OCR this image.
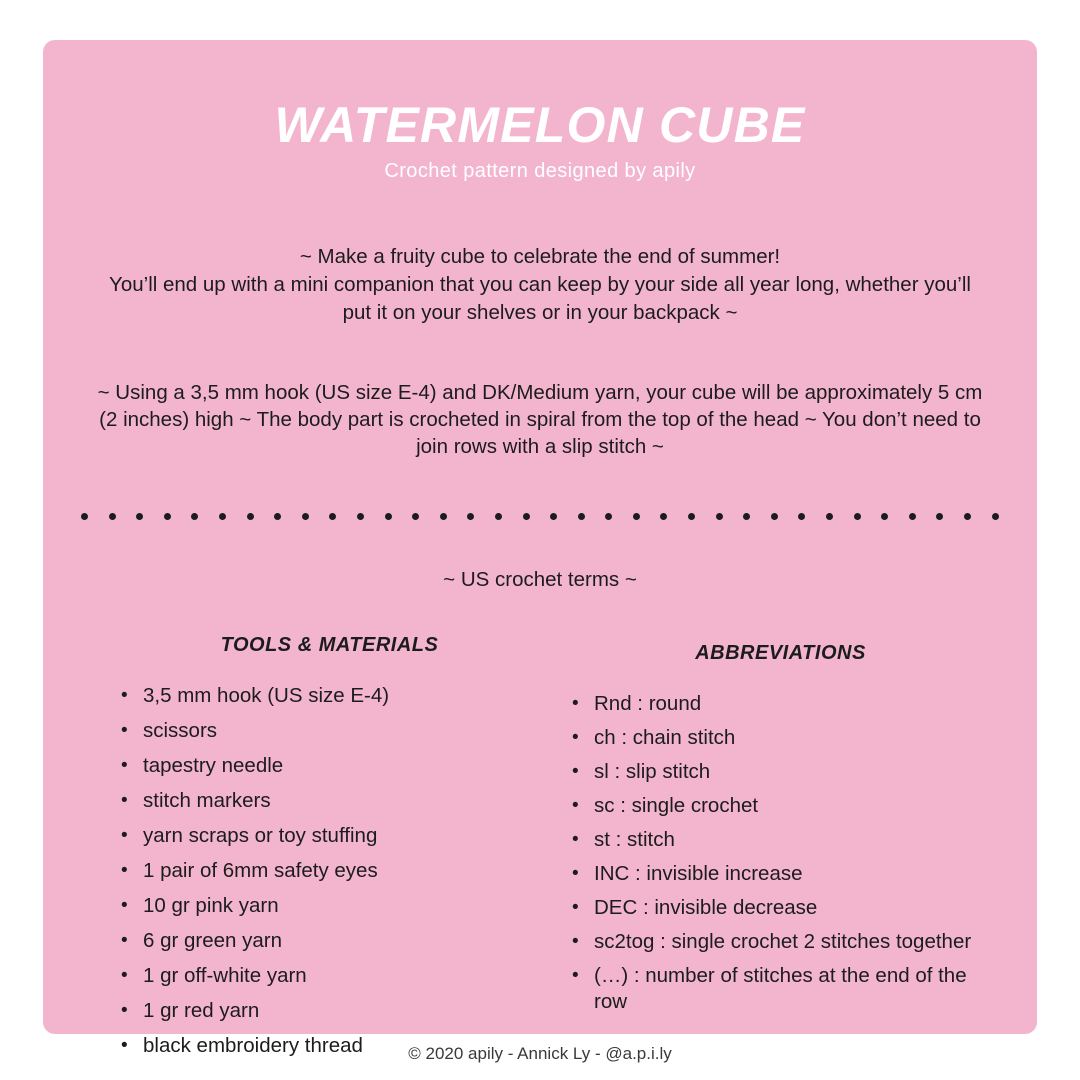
WATERMELON CUBE
Crochet pattern designed by apily
~ Make a fruity cube to celebrate the end of summer!
You’ll end up with a mini companion that you can keep by your side all year long, whether you’ll
put it on your shelves or in your backpack ~
~ Using a 3,5 mm hook (US size E-4) and DK/Medium yarn, your cube will be approximately 5 cm
(2 inches) high ~ The body part is crocheted in spiral from the top of the head ~ You don’t need to
join rows with a slip stitch ~
~ US crochet terms ~
TOOLS & MATERIALS
• 3,5 mm hook (US size E-4)
• scissors
• tapestry needle
• stitch markers
• yarn scraps or toy stuffing
• 1 pair of 6mm safety eyes
• 10 gr pink yarn
• 6 gr green yarn
• 1 gr off-white yarn
• 1 gr red yarn
• black embroidery thread
ABBREVIATIONS
• Rnd : round
• ch : chain stitch
• sl : slip stitch
• sc : single crochet
• st : stitch
• INC : invisible increase
• DEC : invisible decrease
• sc2tog : single crochet 2 stitches together
• (…) : number of stitches at the end of the row
© 2020 apily - Annick Ly - @a.p.i.ly
